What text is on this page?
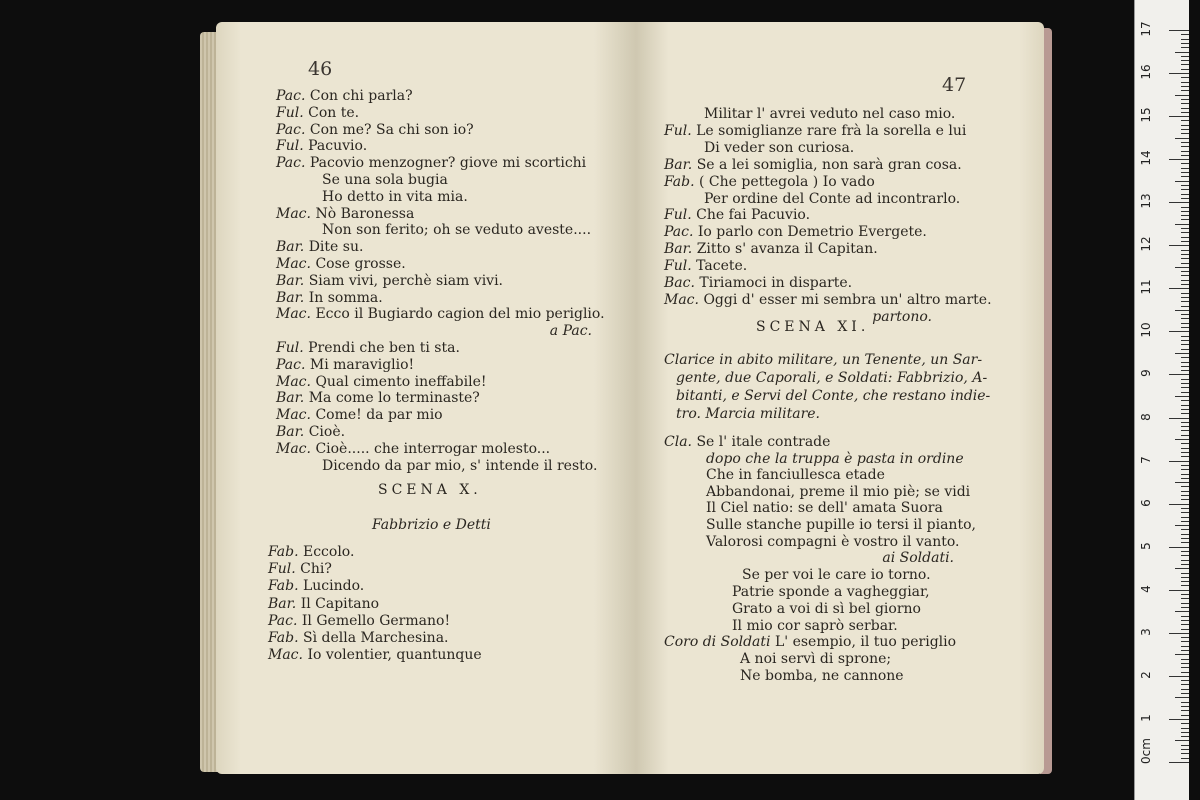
46
Pac. Con chi parla?
Ful. Con te.
Pac. Con me? Sa chi son io?
Ful. Pacuvio.
Pac. Pacovio menzogner? giove mi scortichi
Se una sola bugia
Ho detto in vita mia.
Mac. Nò Baronessa
Non son ferito; oh se veduto aveste....
Bar. Dite su.
Mac. Cose grosse.
Bar. Siam vivi, perchè siam vivi.
Bar. In somma.
Mac. Ecco il Bugiardo cagion del mio periglio.
a Pac.
Ful. Prendi che ben ti sta.
Pac. Mi maraviglio!
Mac. Qual cimento ineffabile!
Bar. Ma come lo terminaste?
Mac. Come! da par mio
Bar. Cioè.
Mac. Cioè..... che interrogar molesto...
Dicendo da par mio, s' intende il resto.
SCENA X.
Fabbrizio e Detti
Fab. Eccolo.
Ful. Chi?
Fab. Lucindo.
Bar. Il Capitano
Pac. Il Gemello Germano!
Fab. Sì della Marchesina.
Mac. Io volentier, quantunque
47
Militar l' avrei veduto nel caso mio.
Ful. Le somiglianze rare frà la sorella e lui
Di veder son curiosa.
Bar. Se a lei somiglia, non sarà gran cosa.
Fab. ( Che pettegola ) Io vado
Per ordine del Conte ad incontrarlo.
Ful. Che fai Pacuvio.
Pac. Io parlo con Demetrio Evergete.
Bar. Zitto s' avanza il Capitan.
Ful. Tacete.
Bac. Tiriamoci in disparte.
Mac. Oggi d' esser mi sembra un' altro marte.
partono.
SCENA XI.
Clarice in abito militare, un Tenente, un Sar-
gente, due Caporali, e Soldati: Fabbrizio, A-
bitanti, e Servi del Conte, che restano indie-
tro. Marcia militare.
Cla. Se l' itale contrade
dopo che la truppa è pasta in ordine
Che in fanciullesca etade
Abbandonai, preme il mio piè; se vidi
Il Ciel natio: se dell' amata Suora
Sulle stanche pupille io tersi il pianto,
Valorosi compagni è vostro il vanto.
ai Soldati.
Se per voi le care io torno.
Patrie sponde a vagheggiar,
Grato a voi di sì bel giorno
Il mio cor saprò serbar.
Coro di Soldati L' esempio, il tuo periglio
A noi servì di sprone;
Ne bomba, ne cannone
0cm
1
2
3
4
5
6
7
8
9
10
11
12
13
14
15
16
17
